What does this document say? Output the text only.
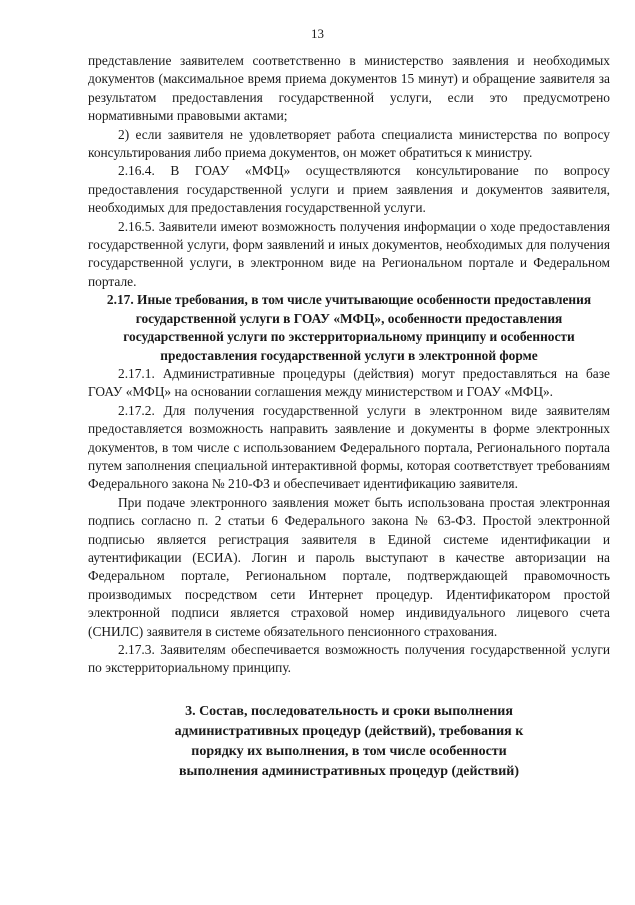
13

представление заявителем соответственно в министерство заявления и необходимых документов (максимальное время приема документов 15 минут) и обращение заявителя за результатом предоставления государственной услуги, если это предусмотрено нормативными правовыми актами;

2) если заявителя не удовлетворяет работа специалиста министерства по вопросу консультирования либо приема документов, он может обратиться к министру.

2.16.4. В ГОАУ «МФЦ» осуществляются консультирование по вопросу предоставления государственной услуги и прием заявления и документов заявителя, необходимых для предоставления государственной услуги.

2.16.5. Заявители имеют возможность получения информации о ходе предоставления государственной услуги, форм заявлений и иных документов, необходимых для получения государственной услуги, в электронном виде на Региональном портале и Федеральном портале.

2.17. Иные требования, в том числе учитывающие особенности предоставления государственной услуги в ГОАУ «МФЦ», особенности предоставления государственной услуги по экстерриториальному принципу и особенности предоставления государственной услуги в электронной форме

2.17.1. Административные процедуры (действия) могут предоставляться на базе ГОАУ «МФЦ» на основании соглашения между министерством и ГОАУ «МФЦ».

2.17.2. Для получения государственной услуги в электронном виде заявителям предоставляется возможность направить заявление и документы в форме электронных документов, в том числе с использованием Федерального портала, Регионального портала путем заполнения специальной интерактивной формы, которая соответствует требованиям Федерального закона № 210-ФЗ и обеспечивает идентификацию заявителя.

При подаче электронного заявления может быть использована простая электронная подпись согласно п. 2 статьи 6 Федерального закона № 63-ФЗ. Простой электронной подписью является регистрация заявителя в Единой системе идентификации и аутентификации (ЕСИА). Логин и пароль выступают в качестве авторизации на Федеральном портале, Региональном портале, подтверждающей правомочность производимых посредством сети Интернет процедур. Идентификатором простой электронной подписи является страховой номер индивидуального лицевого счета (СНИЛС) заявителя в системе обязательного пенсионного страхования.

2.17.3. Заявителям обеспечивается возможность получения государственной услуги по экстерриториальному принципу.

3. Состав, последовательность и сроки выполнения административных процедур (действий), требования к порядку их выполнения, в том числе особенности выполнения административных процедур (действий)
